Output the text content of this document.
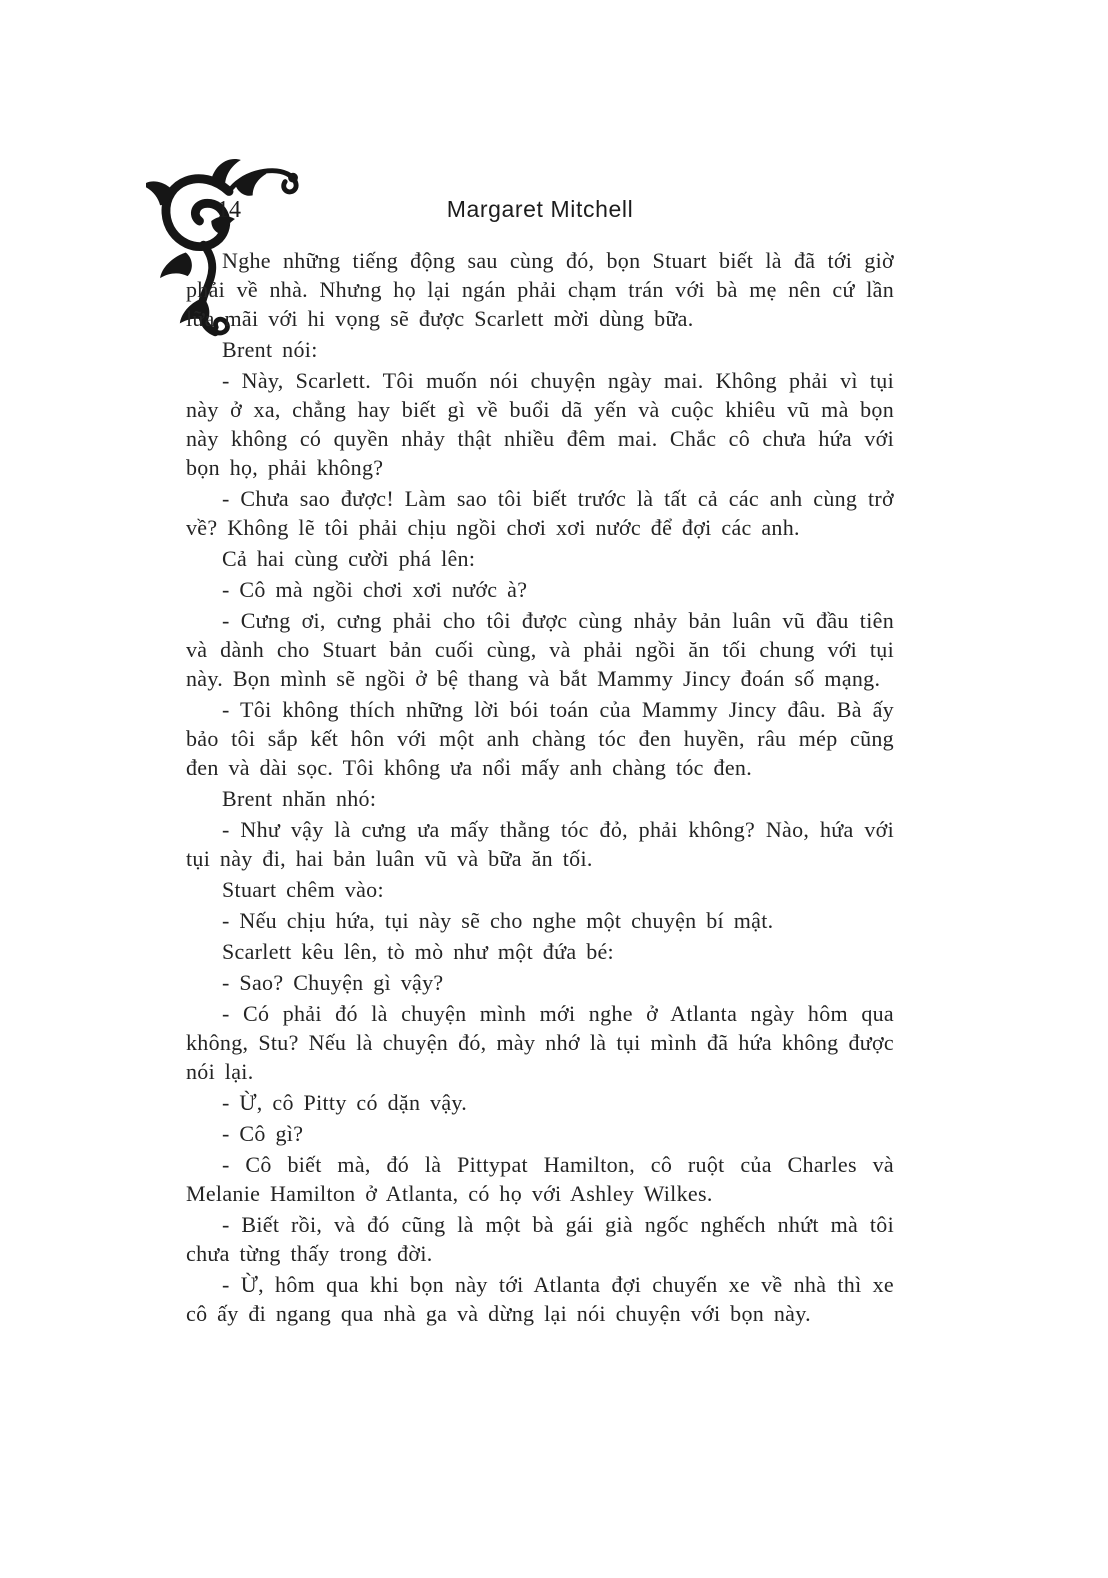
14	Margaret Mitchell

Nghe những tiếng động sau cùng đó, bọn Stuart biết là đã tới giờ phải về nhà. Nhưng họ lại ngán phải chạm trán với bà mẹ nên cứ lần lữa mãi với hi vọng sẽ được Scarlett mời dùng bữa.

Brent nói:

- Này, Scarlett. Tôi muốn nói chuyện ngày mai. Không phải vì tụi này ở xa, chẳng hay biết gì về buổi dã yến và cuộc khiêu vũ mà bọn này không có quyền nhảy thật nhiều đêm mai. Chắc cô chưa hứa với bọn họ, phải không?

- Chưa sao được! Làm sao tôi biết trước là tất cả các anh cùng trở về? Không lẽ tôi phải chịu ngồi chơi xơi nước để đợi các anh.

Cả hai cùng cười phá lên:

- Cô mà ngồi chơi xơi nước à?

- Cưng ơi, cưng phải cho tôi được cùng nhảy bản luân vũ đầu tiên và dành cho Stuart bản cuối cùng, và phải ngồi ăn tối chung với tụi này. Bọn mình sẽ ngồi ở bệ thang và bắt Mammy Jincy đoán số mạng.

- Tôi không thích những lời bói toán của Mammy Jincy đâu. Bà ấy bảo tôi sắp kết hôn với một anh chàng tóc đen huyền, râu mép cũng đen và dài sọc. Tôi không ưa nổi mấy anh chàng tóc đen.

Brent nhăn nhó:

- Như vậy là cưng ưa mấy thằng tóc đỏ, phải không? Nào, hứa với tụi này đi, hai bản luân vũ và bữa ăn tối.

Stuart chêm vào:

- Nếu chịu hứa, tụi này sẽ cho nghe một chuyện bí mật.

Scarlett kêu lên, tò mò như một đứa bé:

- Sao? Chuyện gì vậy?

- Có phải đó là chuyện mình mới nghe ở Atlanta ngày hôm qua không, Stu? Nếu là chuyện đó, mày nhớ là tụi mình đã hứa không được nói lại.

- Ừ, cô Pitty có dặn vậy.

- Cô gì?

- Cô biết mà, đó là Pittypat Hamilton, cô ruột của Charles và Melanie Hamilton ở Atlanta, có họ với Ashley Wilkes.

- Biết rồi, và đó cũng là một bà gái già ngốc nghếch nhứt mà tôi chưa từng thấy trong đời.

- Ừ, hôm qua khi bọn này tới Atlanta đợi chuyến xe về nhà thì xe cô ấy đi ngang qua nhà ga và dừng lại nói chuyện với bọn này.
